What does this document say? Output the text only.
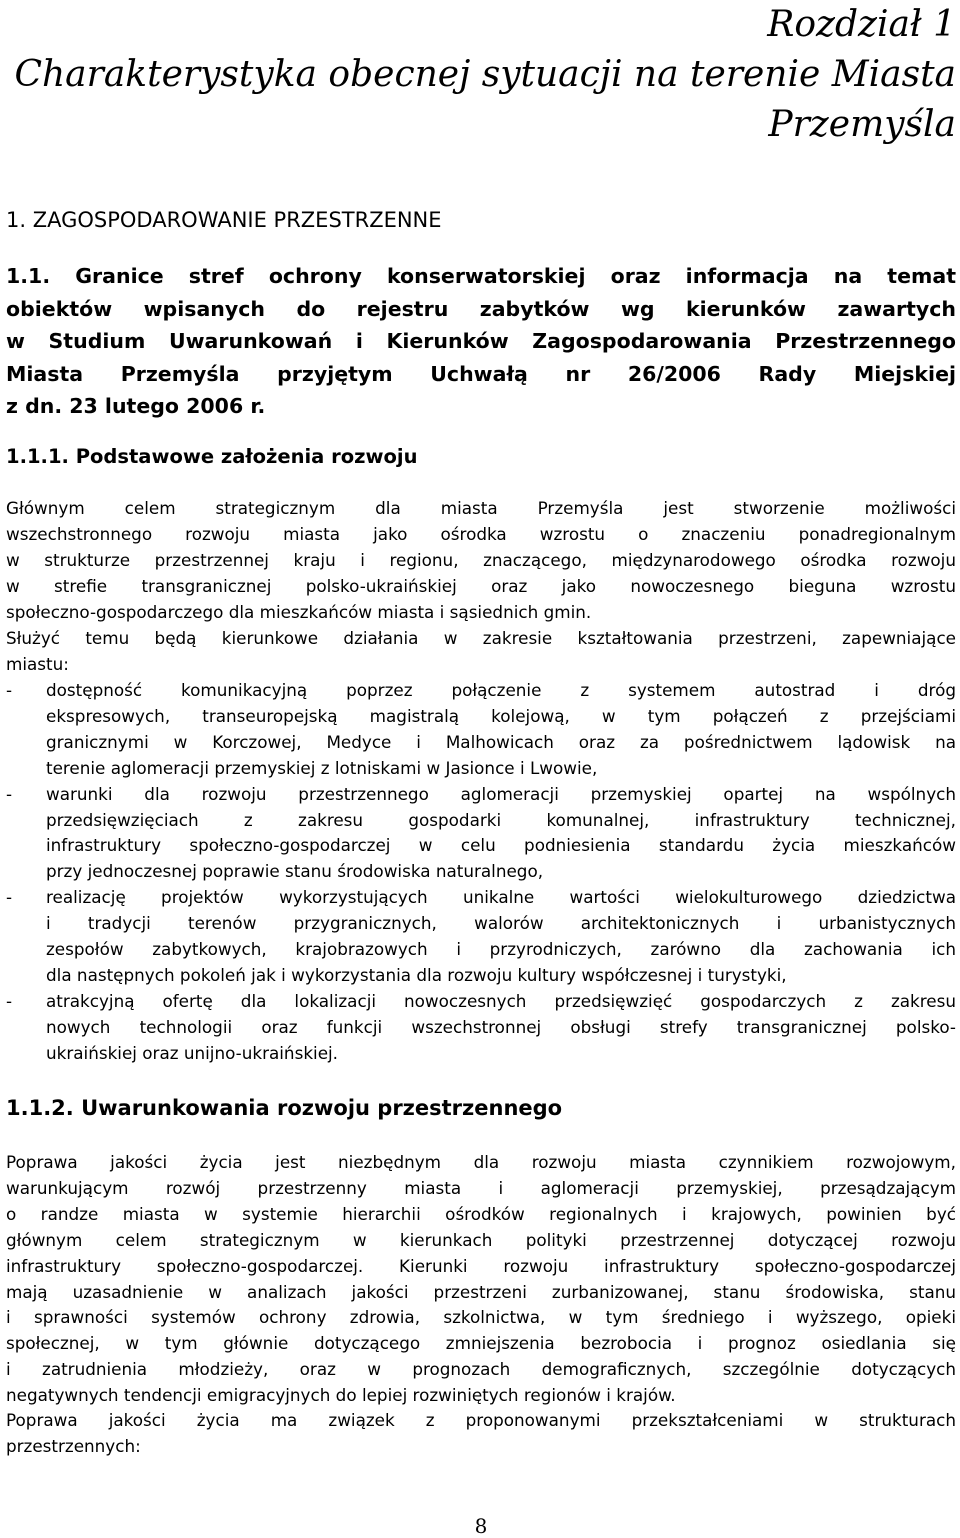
Rozdział 1

Charakterystyka obecnej sytuacji na terenie Miasta

Przemyśla

1. ZAGOSPODAROWANIE PRZESTRZENNE

1.1. Granice stref ochrony konserwatorskiej oraz informacja na temat
obiektów wpisanych do rejestru zabytków wg kierunków zawartych
w Studium Uwarunkowań i Kierunków Zagospodarowania Przestrzennego
Miasta Przemyśla przyjętym Uchwałą nr 26/2006 Rady Miejskiej
z dn. 23 lutego 2006 r.

1.1.1. Podstawowe założenia rozwoju

Głównym celem strategicznym dla miasta Przemyśla jest stworzenie możliwości
wszechstronnego rozwoju miasta jako ośrodka wzrostu o znaczeniu ponadregionalnym
w strukturze przestrzennej kraju i regionu, znaczącego, międzynarodowego ośrodka rozwoju
w strefie transgranicznej polsko-ukraińskiej oraz jako nowoczesnego bieguna wzrostu
społeczno-gospodarczego dla mieszkańców miasta i sąsiednich gmin.
Służyć temu będą kierunkowe działania w zakresie kształtowania przestrzeni, zapewniające
miastu:
- dostępność komunikacyjną poprzez połączenie z systemem autostrad i dróg
ekspresowych, transeuropejską magistralą kolejową, w tym połączeń z przejściami
granicznymi w Korczowej, Medyce i Malhowicach oraz za pośrednictwem lądowisk na
terenie aglomeracji przemyskiej z lotniskami w Jasionce i Lwowie,
- warunki dla rozwoju przestrzennego aglomeracji przemyskiej opartej na wspólnych
przedsięwzięciach z zakresu gospodarki komunalnej, infrastruktury technicznej,
infrastruktury społeczno-gospodarczej w celu podniesienia standardu życia mieszkańców
przy jednoczesnej poprawie stanu środowiska naturalnego,
- realizację projektów wykorzystujących unikalne wartości wielokulturowego dziedzictwa
i tradycji terenów przygranicznych, walorów architektonicznych i urbanistycznych
zespołów zabytkowych, krajobrazowych i przyrodniczych, zarówno dla zachowania ich
dla następnych pokoleń jak i wykorzystania dla rozwoju kultury współczesnej i turystyki,
- atrakcyjną ofertę dla lokalizacji nowoczesnych przedsięwzięć gospodarczych z zakresu
nowych technologii oraz funkcji wszechstronnej obsługi strefy transgranicznej polsko-
ukraińskiej oraz unijno-ukraińskiej.

1.1.2. Uwarunkowania rozwoju przestrzennego

Poprawa jakości życia jest niezbędnym dla rozwoju miasta czynnikiem rozwojowym,
warunkującym rozwój przestrzenny miasta i aglomeracji przemyskiej, przesądzającym
o randze miasta w systemie hierarchii ośrodków regionalnych i krajowych, powinien być
głównym celem strategicznym w kierunkach polityki przestrzennej dotyczącej rozwoju
infrastruktury społeczno-gospodarczej. Kierunki rozwoju infrastruktury społeczno-gospodarczej
mają uzasadnienie w analizach jakości przestrzeni zurbanizowanej, stanu środowiska, stanu
i sprawności systemów ochrony zdrowia, szkolnictwa, w tym średniego i wyższego, opieki
społecznej, w tym głównie dotyczącego zmniejszenia bezrobocia i prognoz osiedlania się
i zatrudnienia młodzieży, oraz w prognozach demograficznych, szczególnie dotyczących
negatywnych tendencji emigracyjnych do lepiej rozwiniętych regionów i krajów.
Poprawa jakości życia ma związek z proponowanymi przekształceniami w strukturach
przestrzennych:
8
